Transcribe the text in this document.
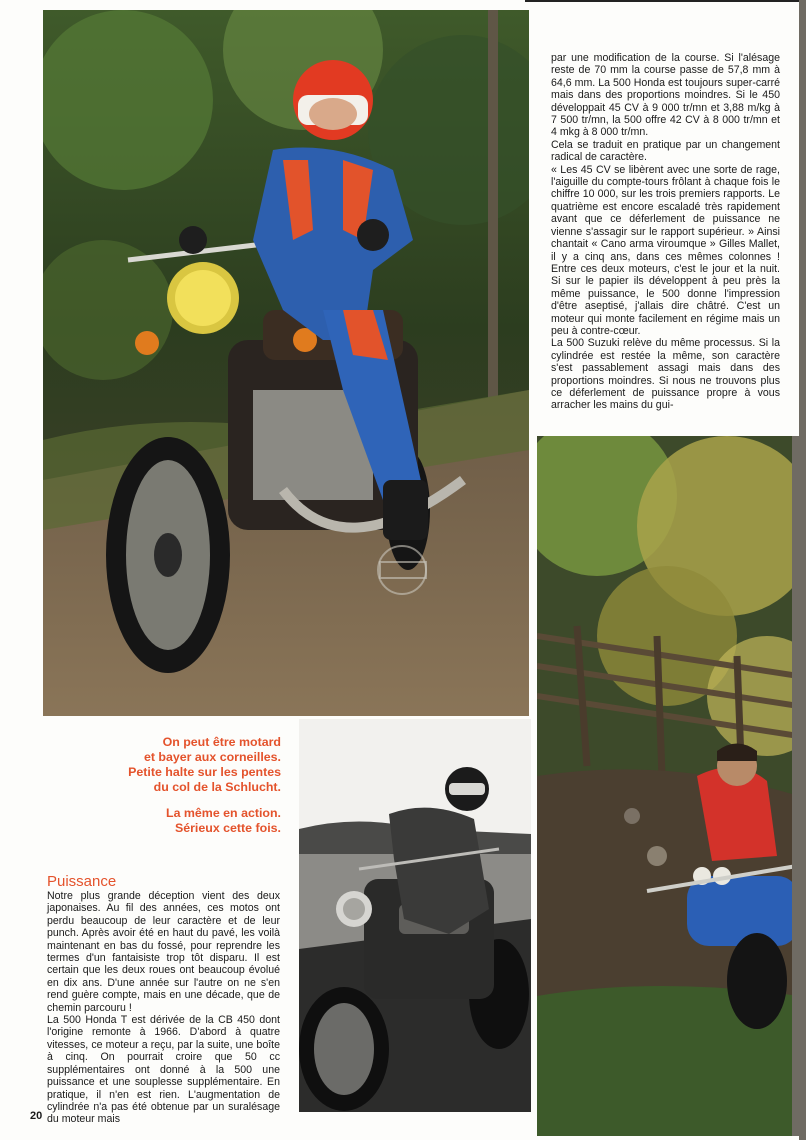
par une modification de la course. Si l'alésage reste de 70 mm la course passe de 57,8 mm à 64,6 mm. La 500 Honda est toujours super-carré mais dans des proportions moindres. Si le 450 développait 45 CV à 9 000 tr/mn et 3,88 m/kg à 7 500 tr/mn, la 500 offre 42 CV à 8 000 tr/mn et 4 mkg à 8 000 tr/mn.

Cela se traduit en pratique par un changement radical de caractère.

« Les 45 CV se libèrent avec une sorte de rage, l'aiguille du compte-tours frôlant à chaque fois le chiffre 10 000, sur les trois premiers rapports. Le quatrième est encore escaladé très rapidement avant que ce déferlement de puissance ne vienne s'assagir sur le rapport supérieur. » Ainsi chantait « Cano arma viroumque » Gilles Mallet, il y a cinq ans, dans ces mêmes colonnes ! Entre ces deux moteurs, c'est le jour et la nuit. Si sur le papier ils développent à peu près la même puissance, le 500 donne l'impression d'être aseptisé, j'allais dire châtré. C'est un moteur qui monte facilement en régime mais un peu à contre-cœur.

La 500 Suzuki relève du même processus. Si la cylindrée est restée la même, son caractère s'est passablement assagi mais dans des proportions moindres. Si nous ne trouvons plus ce déferlement de puissance propre à vous arracher les mains du gui-

On peut être motard

et bayer aux corneilles.

Petite halte sur les pentes

du col de la Schlucht.

La même en action.

Sérieux cette fois.

Puissance

Notre plus grande déception vient des deux japonaises. Au fil des années, ces motos ont perdu beaucoup de leur caractère et de leur punch. Après avoir été en haut du pavé, les voilà maintenant en bas du fossé, pour reprendre les termes d'un fantaisiste trop tôt disparu. Il est certain que les deux roues ont beaucoup évolué en dix ans. D'une année sur l'autre on ne s'en rend guère compte, mais en une décade, que de chemin parcouru !

La 500 Honda T est dérivée de la CB 450 dont l'origine remonte à 1966. D'abord à quatre vitesses, ce moteur a reçu, par la suite, une boîte à cinq. On pourrait croire que 50 cc supplémentaires ont donné à la 500 une puissance et une souplesse supplémentaire. En pratique, il n'en est rien. L'augmentation de cylindrée n'a pas été obtenue par un suralésage du moteur mais

20
